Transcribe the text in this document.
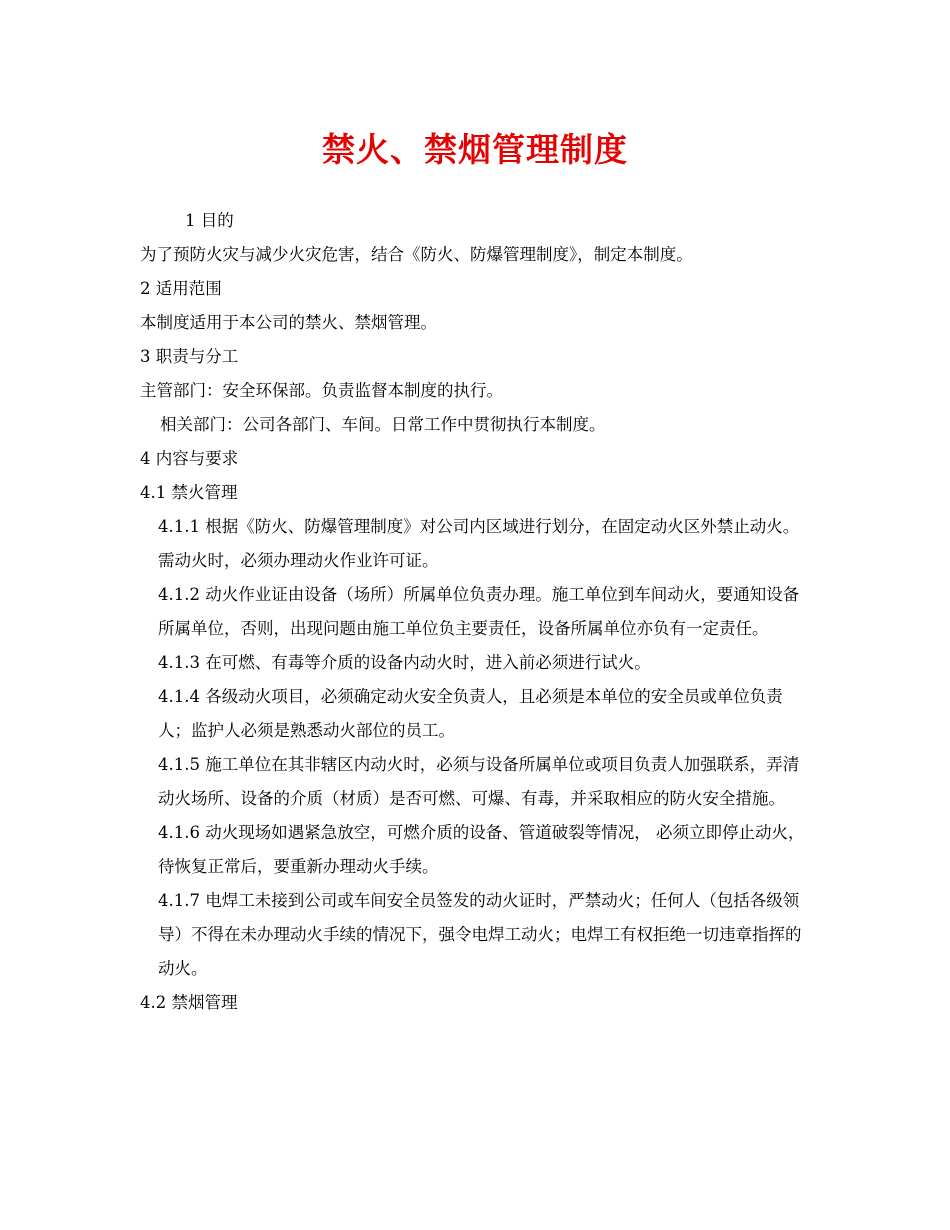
禁火、禁烟管理制度

1 目的

为了预防火灾与减少火灾危害，结合《防火、防爆管理制度》，制定本制度。

2 适用范围

本制度适用于本公司的禁火、禁烟管理。

3 职责与分工

主管部门：安全环保部。负责监督本制度的执行。

相关部门：公司各部门、车间。日常工作中贯彻执行本制度。

4 内容与要求

4.1 禁火管理

4.1.1 根据《防火、防爆管理制度》对公司内区域进行划分，在固定动火区外禁止动火。需动火时，必须办理动火作业许可证。

4.1.2 动火作业证由设备（场所）所属单位负责办理。施工单位到车间动火，要通知设备所属单位，否则，出现问题由施工单位负主要责任，设备所属单位亦负有一定责任。

4.1.3 在可燃、有毒等介质的设备内动火时，进入前必须进行试火。

4.1.4 各级动火项目，必须确定动火安全负责人，且必须是本单位的安全员或单位负责人；监护人必须是熟悉动火部位的员工。

4.1.5 施工单位在其非辖区内动火时，必须与设备所属单位或项目负责人加强联系，弄清动火场所、设备的介质（材质）是否可燃、可爆、有毒，并采取相应的防火安全措施。

4.1.6 动火现场如遇紧急放空，可燃介质的设备、管道破裂等情况， 必须立即停止动火，待恢复正常后，要重新办理动火手续。

4.1.7 电焊工未接到公司或车间安全员签发的动火证时，严禁动火；任何人（包括各级领导）不得在未办理动火手续的情况下，强令电焊工动火；电焊工有权拒绝一切违章指挥的动火。

4.2 禁烟管理
